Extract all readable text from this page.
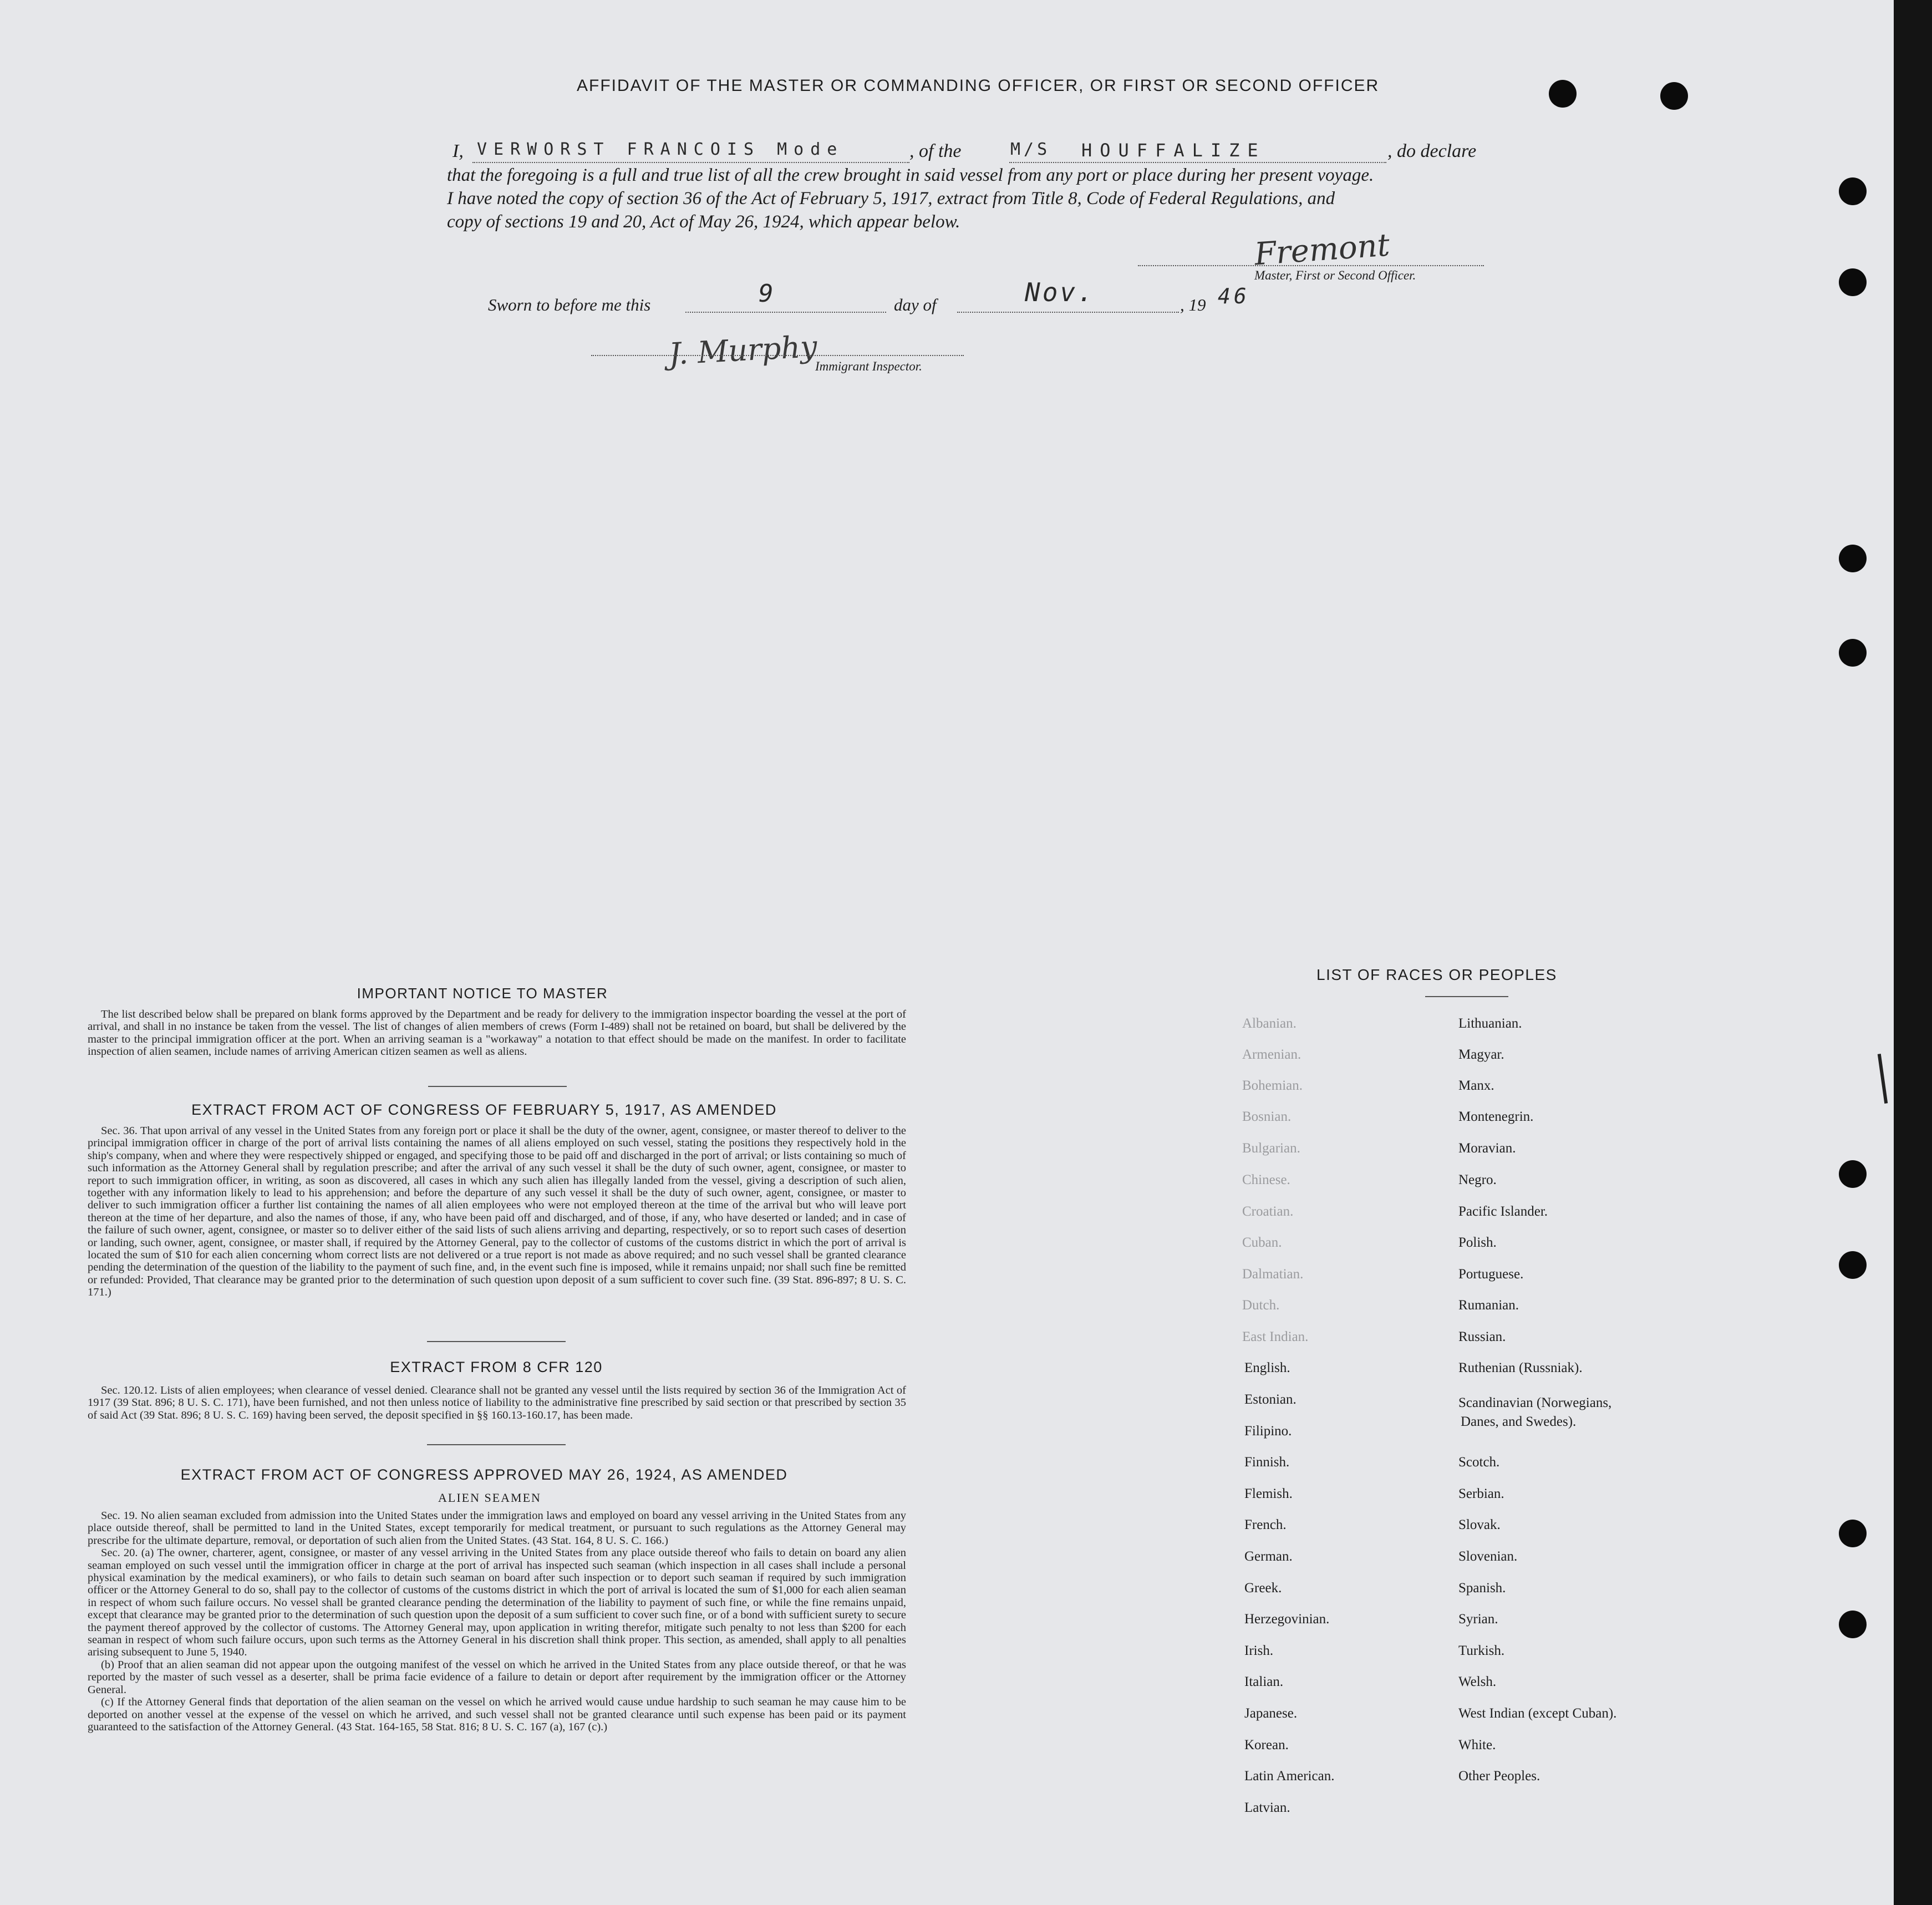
AFFIDAVIT OF THE MASTER OR COMMANDING OFFICER, OR FIRST OR SECOND OFFICER
I, VERWORST FRANCOIS Mode	, of the	M/S HOUFFALIZE	, do declare
that the foregoing is a full and true list of all the crew brought in said vessel from any port or place during her present voyage.
I have noted the copy of section 36 of the Act of February 5, 1917, extract from Title 8, Code of Federal Regulations, and
copy of sections 19 and 20, Act of May 26, 1924, which appear below.
Fremont
Master, First or Second Officer.
Sworn to before me this	9	day of	Nov.	, 19 46
J. Murphy
Immigrant Inspector.
IMPORTANT NOTICE TO MASTER

The list described below shall be prepared on blank forms approved by the Department and be ready for delivery to the immigration inspector boarding the vessel at the port of arrival, and shall in no instance be taken from the vessel. The list of changes of alien members of crews (Form I-489) shall not be retained on board, but shall be delivered by the master to the principal immigration officer at the port. When an arriving seaman is a "workaway" a notation to that effect should be made on the manifest. In order to facilitate inspection of alien seamen, include names of arriving American citizen seamen as well as aliens.

EXTRACT FROM ACT OF CONGRESS OF FEBRUARY 5, 1917, AS AMENDED

Sec. 36. That upon arrival of any vessel in the United States from any foreign port or place it shall be the duty of the owner, agent, consignee, or master thereof to deliver to the principal immigration officer in charge of the port of arrival lists containing the names of all aliens employed on such vessel, stating the positions they respectively hold in the ship's company, when and where they were respectively shipped or engaged, and specifying those to be paid off and discharged in the port of arrival; or lists containing so much of such information as the Attorney General shall by regulation prescribe; and after the arrival of any such vessel it shall be the duty of such owner, agent, consignee, or master to report to such immigration officer, in writing, as soon as discovered, all cases in which any such alien has illegally landed from the vessel, giving a description of such alien, together with any information likely to lead to his apprehension; and before the departure of any such vessel it shall be the duty of such owner, agent, consignee, or master to deliver to such immigration officer a further list containing the names of all alien employees who were not employed thereon at the time of the arrival but who will leave port thereon at the time of her departure, and also the names of those, if any, who have been paid off and discharged, and of those, if any, who have deserted or landed; and in case of the failure of such owner, agent, consignee, or master so to deliver either of the said lists of such aliens arriving and departing, respectively, or so to report such cases of desertion or landing, such owner, agent, consignee, or master shall, if required by the Attorney General, pay to the collector of customs of the customs district in which the port of arrival is located the sum of $10 for each alien concerning whom correct lists are not delivered or a true report is not made as above required; and no such vessel shall be granted clearance pending the determination of the question of the liability to the payment of such fine, and, in the event such fine is imposed, while it remains unpaid; nor shall such fine be remitted or refunded: Provided, That clearance may be granted prior to the determination of such question upon deposit of a sum sufficient to cover such fine. (39 Stat. 896-897; 8 U. S. C. 171.)

EXTRACT FROM 8 CFR 120

Sec. 120.12. Lists of alien employees; when clearance of vessel denied. Clearance shall not be granted any vessel until the lists required by section 36 of the Immigration Act of 1917 (39 Stat. 896; 8 U. S. C. 171), have been furnished, and not then unless notice of liability to the administrative fine prescribed by said section or that prescribed by section 35 of said Act (39 Stat. 896; 8 U. S. C. 169) having been served, the deposit specified in §§ 160.13-160.17, has been made.

EXTRACT FROM ACT OF CONGRESS APPROVED MAY 26, 1924, AS AMENDED
ALIEN SEAMEN

Sec. 19. No alien seaman excluded from admission into the United States under the immigration laws and employed on board any vessel arriving in the United States from any place outside thereof, shall be permitted to land in the United States, except temporarily for medical treatment, or pursuant to such regulations as the Attorney General may prescribe for the ultimate departure, removal, or deportation of such alien from the United States. (43 Stat. 164, 8 U. S. C. 166.)

Sec. 20. (a) The owner, charterer, agent, consignee, or master of any vessel arriving in the United States from any place outside thereof who fails to detain on board any alien seaman employed on such vessel until the immigration officer in charge at the port of arrival has inspected such seaman (which inspection in all cases shall include a personal physical examination by the medical examiners), or who fails to detain such seaman on board after such inspection or to deport such seaman if required by such immigration officer or the Attorney General to do so, shall pay to the collector of customs of the customs district in which the port of arrival is located the sum of $1,000 for each alien seaman in respect of whom such failure occurs. No vessel shall be granted clearance pending the determination of the liability to payment of such fine, or while the fine remains unpaid, except that clearance may be granted prior to the determination of such question upon the deposit of a sum sufficient to cover such fine, or of a bond with sufficient surety to secure the payment thereof approved by the collector of customs. The Attorney General may, upon application in writing therefor, mitigate such penalty to not less than $200 for each seaman in respect of whom such failure occurs, upon such terms as the Attorney General in his discretion shall think proper. This section, as amended, shall apply to all penalties arising subsequent to June 5, 1940.

(b) Proof that an alien seaman did not appear upon the outgoing manifest of the vessel on which he arrived in the United States from any place outside thereof, or that he was reported by the master of such vessel as a deserter, shall be prima facie evidence of a failure to detain or deport after requirement by the immigration officer or the Attorney General.

(c) If the Attorney General finds that deportation of the alien seaman on the vessel on which he arrived would cause undue hardship to such seaman he may cause him to be deported on another vessel at the expense of the vessel on which he arrived, and such vessel shall not be granted clearance until such expense has been paid or its payment guaranteed to the satisfaction of the Attorney General. (43 Stat. 164-165, 58 Stat. 816; 8 U. S. C. 167 (a), 167 (c).)

LIST OF RACES OR PEOPLES
Albanian.
Armenian.
Bohemian.
Bosnian.
Bulgarian.
Chinese.
Croatian.
Cuban.
Dalmatian.
Dutch.
East Indian.
English.
Estonian.
Filipino.
Finnish.
Flemish.
French.
German.
Greek.
Herzegovinian.
Irish.
Italian.
Japanese.
Korean.
Latin American.
Latvian.
Lithuanian.
Magyar.
Manx.
Montenegrin.
Moravian.
Negro.
Pacific Islander.
Polish.
Portuguese.
Rumanian.
Russian.
Ruthenian (Russniak).
Scandinavian (Norwegians,
Danes, and Swedes).
Scotch.
Serbian.
Slovak.
Slovenian.
Spanish.
Syrian.
Turkish.
Welsh.
West Indian (except Cuban).
White.
Other Peoples.
